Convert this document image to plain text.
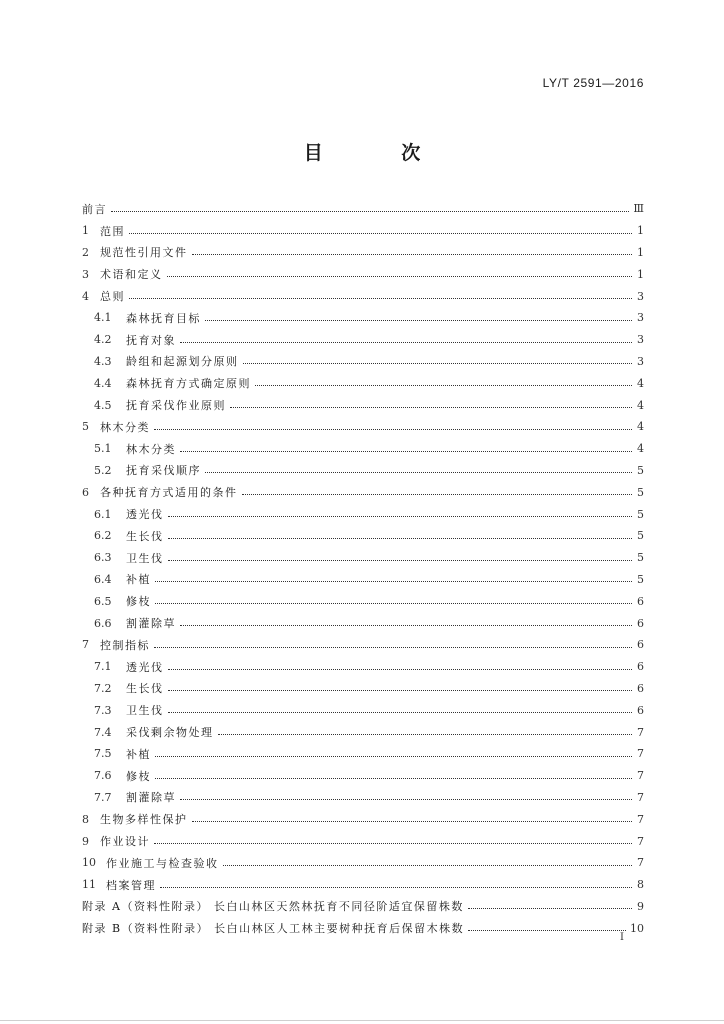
LY/T 2591—2016
目 次
前言	Ⅲ
1	范围	1
2	规范性引用文件	1
3	术语和定义	1
4	总则	3
4.1	森林抚育目标	3
4.2	抚育对象	3
4.3	龄组和起源划分原则	3
4.4	森林抚育方式确定原则	4
4.5	抚育采伐作业原则	4
5	林木分类	4
5.1	林木分类	4
5.2	抚育采伐顺序	5
6	各种抚育方式适用的条件	5
6.1	透光伐	5
6.2	生长伐	5
6.3	卫生伐	5
6.4	补植	5
6.5	修枝	6
6.6	割灌除草	6
7	控制指标	6
7.1	透光伐	6
7.2	生长伐	6
7.3	卫生伐	6
7.4	采伐剩余物处理	7
7.5	补植	7
7.6	修枝	7
7.7	割灌除草	7
8	生物多样性保护	7
9	作业设计	7
10 作业施工与检查验收	7
11 档案管理	8
附录 A（资料性附录） 长白山林区天然林抚育不同径阶适宜保留株数	9
附录 B（资料性附录） 长白山林区人工林主要树种抚育后保留木株数	10
I
